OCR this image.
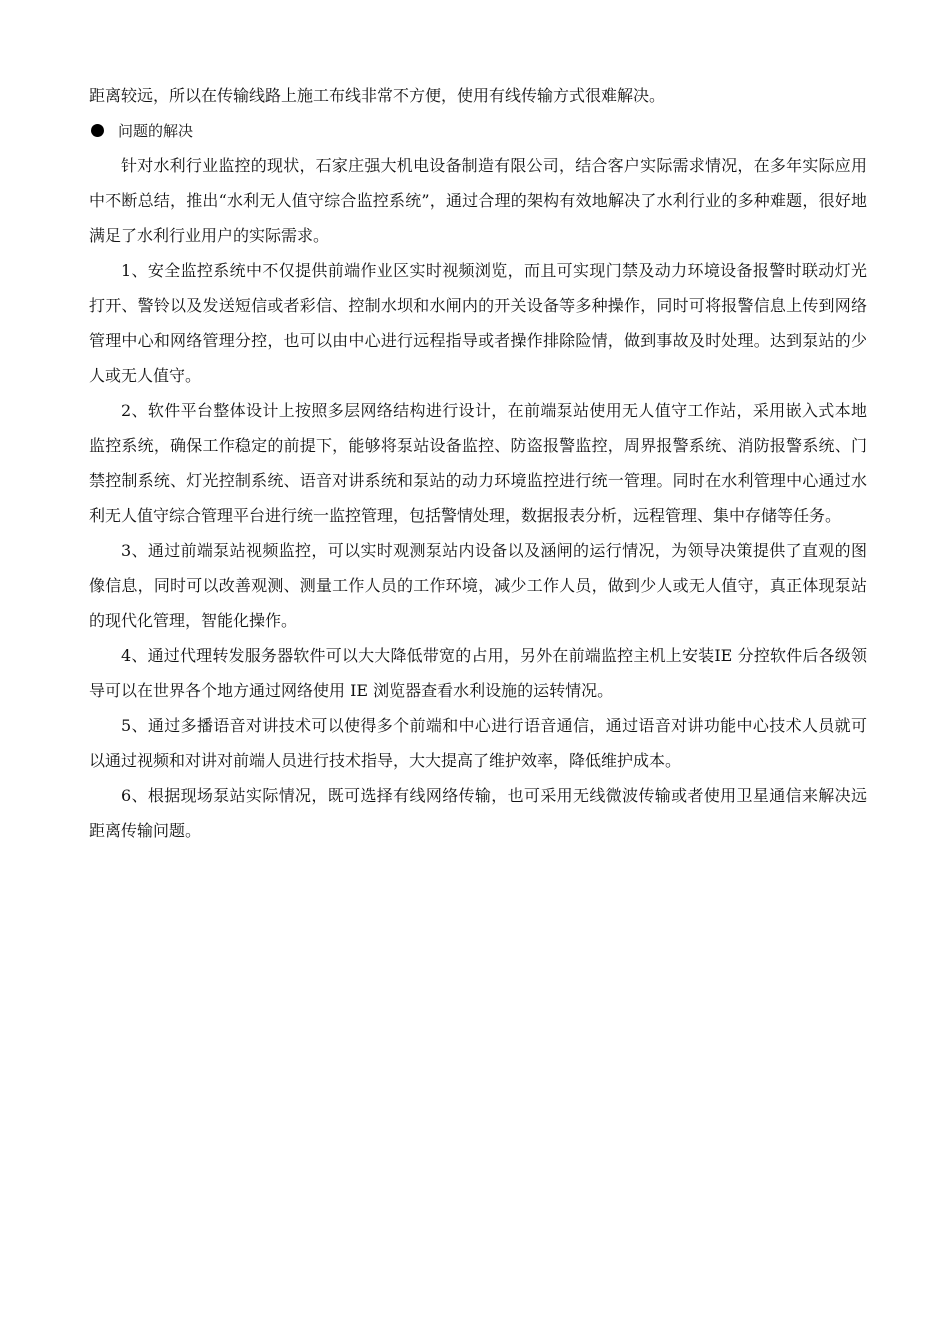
距离较远，所以在传输线路上施工布线非常不方便，使用有线传输方式很难解决。

问题的解决

针对水利行业监控的现状，石家庄强大机电设备制造有限公司，结合客户实际需求情况，在多年实际应用中不断总结，推出“水利无人值守综合监控系统”，通过合理的架构有效地解决了水利行业的多种难题，很好地满足了水利行业用户的实际需求。

1、安全监控系统中不仅提供前端作业区实时视频浏览，而且可实现门禁及动力环境设备报警时联动灯光打开、警铃以及发送短信或者彩信、控制水坝和水闸内的开关设备等多种操作，同时可将报警信息上传到网络管理中心和网络管理分控，也可以由中心进行远程指导或者操作排除险情，做到事故及时处理。达到泵站的少人或无人值守。

2、软件平台整体设计上按照多层网络结构进行设计，在前端泵站使用无人值守工作站，采用嵌入式本地监控系统，确保工作稳定的前提下，能够将泵站设备监控、防盗报警监控，周界报警系统、消防报警系统、门禁控制系统、灯光控制系统、语音对讲系统和泵站的动力环境监控进行统一管理。同时在水利管理中心通过水利无人值守综合管理平台进行统一监控管理，包括警情处理，数据报表分析，远程管理、集中存储等任务。

3、通过前端泵站视频监控，可以实时观测泵站内设备以及涵闸的运行情况，为领导决策提供了直观的图像信息，同时可以改善观测、测量工作人员的工作环境，减少工作人员，做到少人或无人值守，真正体现泵站的现代化管理，智能化操作。

4、通过代理转发服务器软件可以大大降低带宽的占用，另外在前端监控主机上安装IE 分控软件后各级领导可以在世界各个地方通过网络使用 IE 浏览器查看水利设施的运转情况。

5、通过多播语音对讲技术可以使得多个前端和中心进行语音通信，通过语音对讲功能中心技术人员就可以通过视频和对讲对前端人员进行技术指导，大大提高了维护效率，降低维护成本。

6、根据现场泵站实际情况，既可选择有线网络传输，也可采用无线微波传输或者使用卫星通信来解决远距离传输问题。
